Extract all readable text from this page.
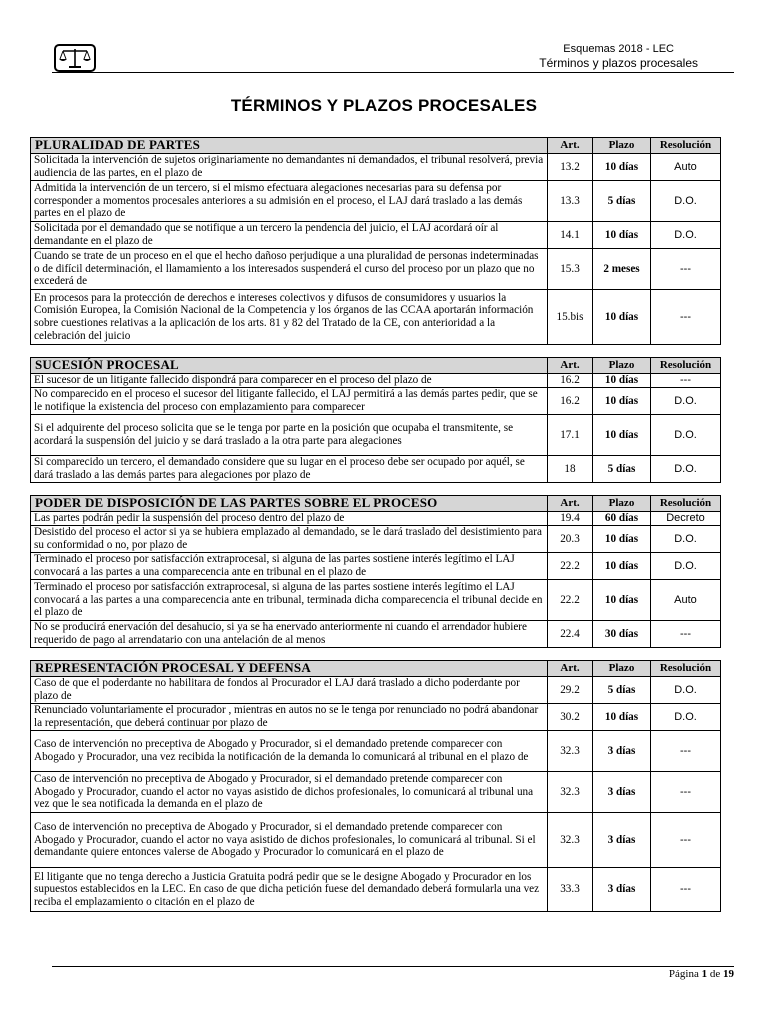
Esquemas 2018 - LEC
Términos y plazos procesales
TÉRMINOS Y PLAZOS PROCESALES
PLURALIDAD DE PARTES	Art.	Plazo	Resolución
Solicitada la intervención de sujetos originariamente no demandantes ni demandados, el tribunal resolverá, previa audiencia de las partes, en el plazo de	13.2	10 días	Auto
Admitida la intervención de un tercero, si el mismo efectuara alegaciones necesarias para su defensa por corresponder a momentos procesales anteriores a su admisión en el proceso, el LAJ dará traslado a las demás partes en el plazo de	13.3	5 días	D.O.
Solicitada por el demandado que se notifique a un tercero la pendencia del juicio, el LAJ acordará oír al demandante en el plazo de	14.1	10 días	D.O.
Cuando se trate de un proceso en el que el hecho dañoso perjudique a una pluralidad de personas indeterminadas o de difícil determinación, el llamamiento a los interesados suspenderá el curso del proceso por un plazo que no excederá de	15.3	2 meses	---
En procesos para la protección de derechos e intereses colectivos y difusos de consumidores y usuarios la Comisión Europea, la Comisión Nacional de la Competencia y los órganos de las CCAA aportarán información sobre cuestiones relativas a la aplicación de los arts. 81 y 82 del Tratado de la CE, con anterioridad a la celebración del juicio	15.bis	10 días	---
SUCESIÓN PROCESAL	Art.	Plazo	Resolución
El sucesor de un litigante fallecido dispondrá para comparecer en el proceso del plazo de	16.2	10 días	---
No comparecido en el proceso el sucesor del litigante fallecido, el LAJ permitirá a las demás partes pedir, que se le notifique la existencia del proceso con emplazamiento para comparecer	16.2	10 días	D.O.
Si el adquirente del proceso solicita que se le tenga por parte en la posición que ocupaba el transmitente, se acordará la suspensión del juicio y se dará traslado a la otra parte para alegaciones	17.1	10 días	D.O.
Si comparecido un tercero, el demandado considere que su lugar en el proceso debe ser ocupado por aquél, se dará traslado a las demás partes para alegaciones por plazo de	18	5 días	D.O.
PODER DE DISPOSICIÓN DE LAS PARTES SOBRE EL PROCESO	Art.	Plazo	Resolución
Las partes podrán pedir la suspensión del proceso dentro del plazo de	19.4	60 días	Decreto
Desistido del proceso el actor si ya se hubiera emplazado al demandado, se le dará traslado del desistimiento para su conformidad o no, por plazo de	20.3	10 días	D.O.
Terminado el proceso por satisfacción extraprocesal, si alguna de las partes sostiene interés legítimo el LAJ convocará a las partes a una comparecencia ante en tribunal en el plazo de	22.2	10 días	D.O.
Terminado el proceso por satisfacción extraprocesal, si alguna de las partes sostiene interés legítimo el LAJ convocará a las partes a una comparecencia ante en tribunal, terminada dicha comparecencia el tribunal decide en el plazo de	22.2	10 días	Auto
No se producirá enervación del desahucio, si ya se ha enervado anteriormente ni cuando el arrendador hubiere requerido de pago al arrendatario con una antelación de al menos	22.4	30 días	---
REPRESENTACIÓN PROCESAL Y DEFENSA	Art.	Plazo	Resolución
Caso de que el poderdante no habilitara de fondos al Procurador el LAJ dará traslado a dicho poderdante por plazo de	29.2	5 días	D.O.
Renunciado voluntariamente el procurador , mientras en autos no se le tenga por renunciado no podrá abandonar la representación, que deberá continuar por plazo de	30.2	10 días	D.O.
Caso de intervención no preceptiva de Abogado y Procurador, si el demandado pretende comparecer con Abogado y Procurador, una vez recibida la notificación de la demanda lo comunicará al tribunal en el plazo de	32.3	3 días	---
Caso de intervención no preceptiva de Abogado y Procurador, si el demandado pretende comparecer con Abogado y Procurador, cuando el actor no vayas asistido de dichos profesionales, lo comunicará al tribunal una vez que le sea notificada la demanda en el plazo de	32.3	3 días	---
Caso de intervención no preceptiva de Abogado y Procurador, si el demandado pretende comparecer con Abogado y Procurador, cuando el actor no vaya asistido de dichos profesionales, lo comunicará al tribunal. Si el demandante quiere entonces valerse de Abogado y Procurador lo comunicará en el plazo de	32.3	3 días	---
El litigante que no tenga derecho a Justicia Gratuita podrá pedir que se le designe Abogado y Procurador en los supuestos establecidos en la LEC. En caso de que dicha petición fuese del demandado deberá formularla una vez reciba el emplazamiento o citación en el plazo de	33.3	3 días	---
Página 1 de 19
